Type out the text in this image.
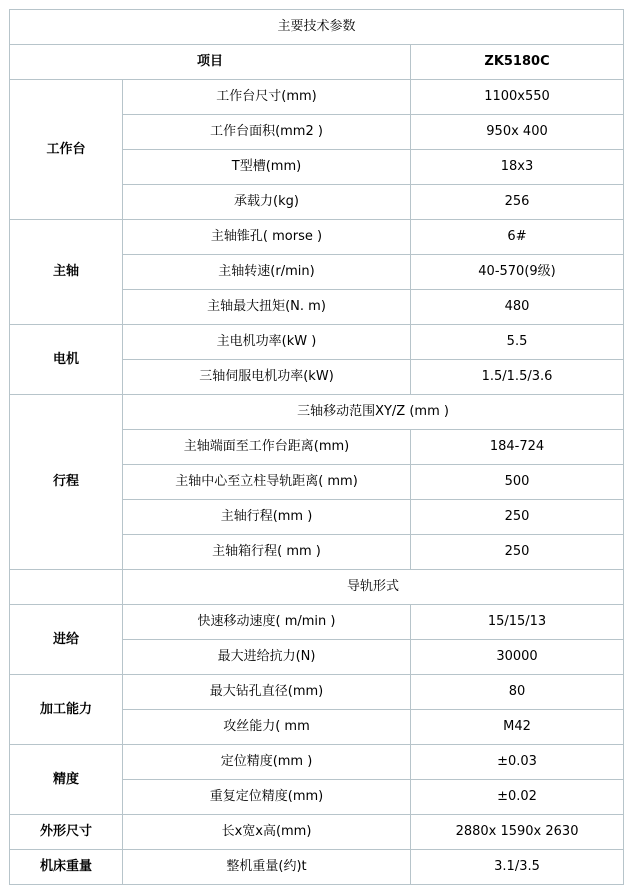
主要技术参数		
项目		ZK5180C
工作台	工作台尺寸(mm)	1100x550
	工作台面积(mm2 )	950x 400
	T型槽(mm)	18x3
	承载力(kg)	256
主轴	主轴锥孔( morse )	6#
	主轴转速(r/min)	40-570(9级)
	主轴最大扭矩(N. m)	480
电机	主电机功率(kW )	5.5
	三轴伺服电机功率(kW)	1.5/1.5/3.6
行程	三轴移动范围XY/Z (mm )	
	主轴端面至工作台距离(mm)	184-724
	主轴中心至立柱导轨距离( mm)	500
	主轴行程(mm )	250
	主轴箱行程( mm )	250
	导轨形式	
进给	快速移动速度( m/min )	15/15/13
	最大进给抗力(N)	30000
加工能力	最大钻孔直径(mm)	80
	攻丝能力( mm	M42
精度	定位精度(mm )	±0.03
	重复定位精度(mm)	±0.02
外形尺寸	长x宽x高(mm)	2880x 1590x 2630
机床重量	整机重量(约)t	3.1/3.5
